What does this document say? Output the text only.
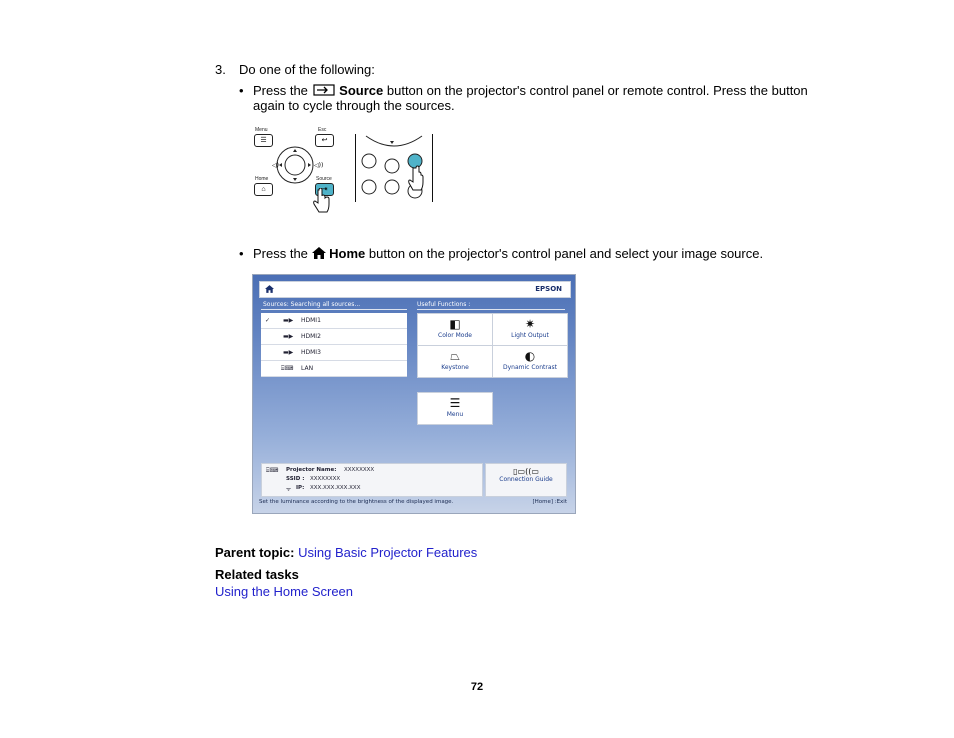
3. Do one of the following:
• Press the Source button on the projector's control panel or remote control. Press the button
again to cycle through the sources.
Menu	Esc
☰	↩
◁)	◁))
Home	Source
⌂	⇥
• Press the Home button on the projector's control panel and select your image source.
EPSON
Sources: Searching all sources...	Useful Functions :
✓ ▬▶ HDMI1
▬▶ HDMI2
▬▶ HDMI3
⌸⌨ LAN
◧
Color Mode
✷
Light Output
⏢
Keystone
◐
Dynamic Contrast
☰
Menu
⌸⌨ Projector Name: XXXXXXXX
SSID : XXXXXXXX
ᯤ IP: XXX.XXX.XXX.XXX
▯▭((▭
Connection Guide
Set the luminance according to the brightness of the displayed image.	[Home] :Exit
Parent topic: Using Basic Projector Features
Related tasks
Using the Home Screen
72
